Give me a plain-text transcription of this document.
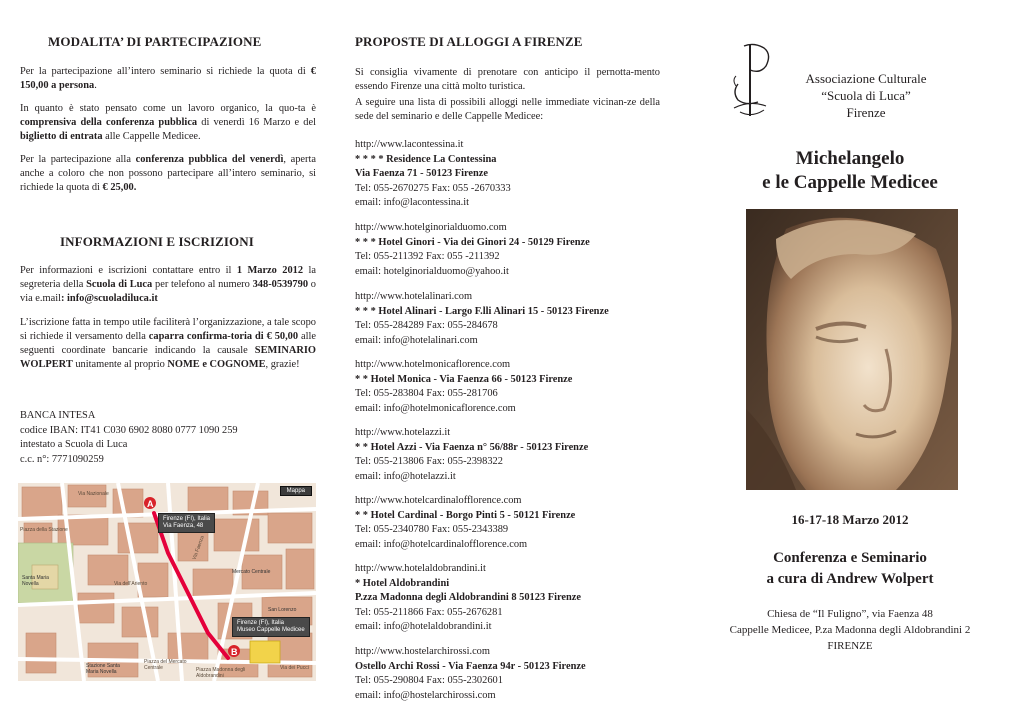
MODALITA’ DI PARTECIPAZIONE

Per la partecipazione all’intero seminario si richiede la quota di € 150,00 a persona.

In quanto è stato pensato come un lavoro organico, la quo-ta è comprensiva della conferenza pubblica di venerdì 16 Marzo e del biglietto di entrata alle Cappelle Medicee.

Per la partecipazione alla conferenza pubblica del venerdì, aperta anche a coloro che non possono partecipare all’intero seminario, si richiede la quota di € 25,00.

INFORMAZIONI E ISCRIZIONI

Per informazioni e iscrizioni contattare entro il 1 Marzo 2012 la segreteria della Scuola di Luca per telefono al numero 348-0539790 o via e.mail: info@scuoladiluca.it

L’iscrizione fatta in tempo utile faciliterà l’organizzazione, a tale scopo si richiede il versamento della caparra confirma-toria di € 50,00 alle seguenti coordinate bancarie indicando la causale SEMINARIO WOLPERT unitamente al proprio NOME e COGNOME, grazie!

BANCA INTESA
codice IBAN: IT41 C030 6902 8080 0777 1090 259
intestato a Scuola di Luca
c.c. n°: 7771090259
A
B
Firenze (FI), Italia
Via Faenza, 48
Firenze (FI), Italia
Museo Cappelle Medicee
Mappa
Via Faenza
Via Nazionale
Piazza della Stazione
Santa Maria Novella	Via dell’Ariento
Mercato Centrale
Piazza del Mercato Centrale
San Lorenzo
Via dei Pucci
Piazza Madonna degli Aldobrandini
Stazione Santa Maria Novella
PROPOSTE DI ALLOGGI A FIRENZE

Si consiglia vivamente di prenotare con anticipo il pernotta-mento essendo Firenze una città molto turistica.

A seguire una lista di possibili alloggi nelle immediate vicinan-ze della sede del seminario e delle Cappelle Medicee:

http://www.lacontessina.it
* * * * Residence La Contessina
Via Faenza 71 - 50123 Firenze
Tel: 055-2670275 Fax: 055 -2670333
email: info@lacontessina.it
http://www.hotelginorialduomo.com
* * * Hotel Ginori - Via dei Ginori 24 - 50129 Firenze
Tel: 055-211392 Fax: 055 -211392
email: hotelginorialduomo@yahoo.it
http://www.hotelalinari.com
* * * Hotel Alinari - Largo F.lli Alinari 15 - 50123 Firenze
Tel: 055-284289 Fax: 055-284678
email: info@hotelalinari.com
http://www.hotelmonicaflorence.com
* * Hotel Monica - Via Faenza 66 - 50123 Firenze
Tel: 055-283804 Fax: 055-281706
email: info@hotelmonicaflorence.com
http://www.hotelazzi.it
* * Hotel Azzi - Via Faenza n° 56/88r - 50123 Firenze
Tel: 055-213806 Fax: 055-2398322
email: info@hotelazzi.it
http://www.hotelcardinalofflorence.com
* * Hotel Cardinal - Borgo Pinti 5 - 50121 Firenze
Tel: 055-2340780 Fax: 055-2343389
email: info@hotelcardinalofflorence.com
http://www.hotelaldobrandini.it
* Hotel Aldobrandini
P.zza Madonna degli Aldobrandini 8 50123 Firenze
Tel: 055-211866 Fax: 055-2676281
email: info@hotelaldobrandini.it
http://www.hostelarchirossi.com
Ostello Archi Rossi - Via Faenza 94r - 50123 Firenze
Tel: 055-290804 Fax: 055-2302601
email: info@hostelarchirossi.com
Associazione Culturale
“Scuola di Luca”
Firenze
Michelangelo
e le Cappelle Medicee
16-17-18 Marzo 2012
Conferenza e Seminario
a cura di Andrew Wolpert
Chiesa de “Il Fuligno”, via Faenza 48
Cappelle Medicee, P.za Madonna degli Aldobrandini 2
FIRENZE
